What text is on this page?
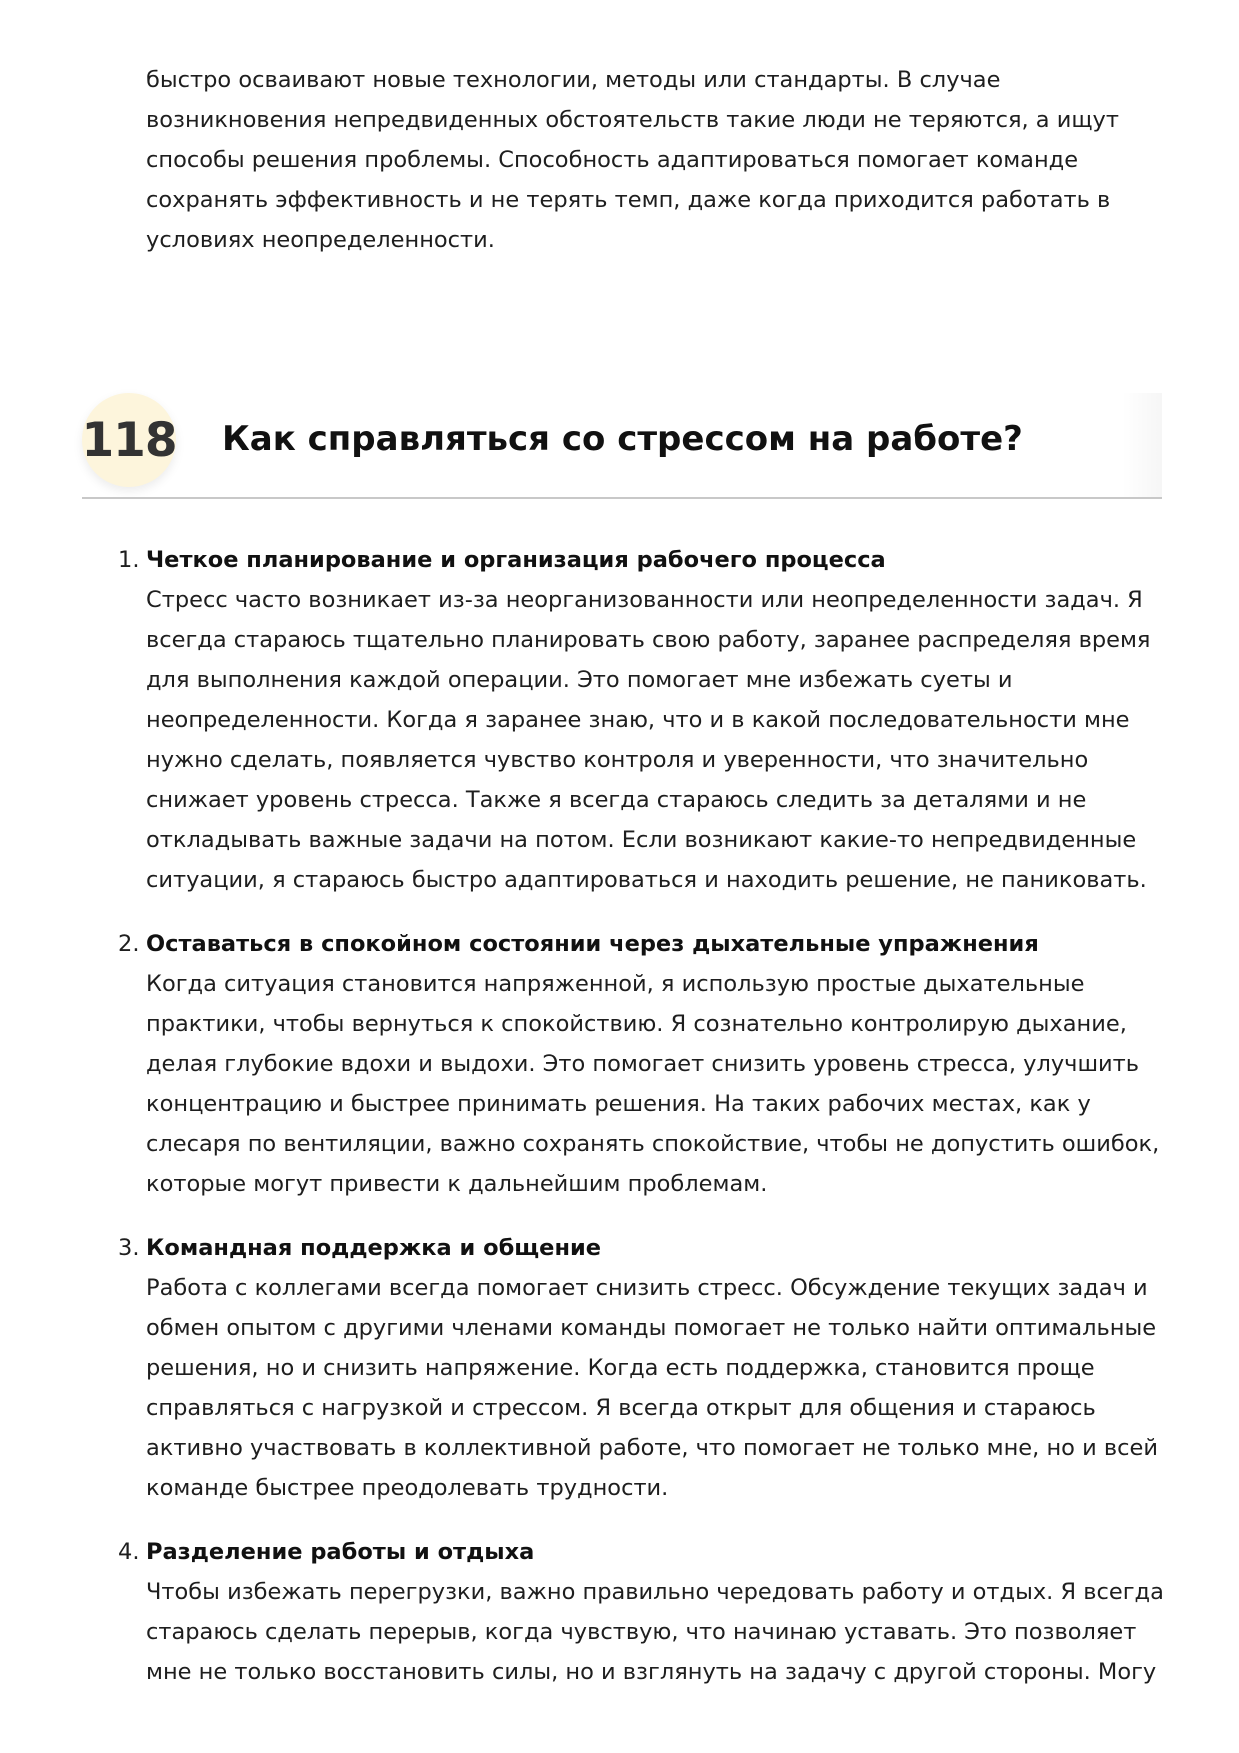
быстро осваивают новые технологии, методы или стандарты. В случае возникновения непредвиденных обстоятельств такие люди не теряются, а ищут способы решения проблемы. Способность адаптироваться помогает команде сохранять эффективность и не терять темп, даже когда приходится работать в условиях неопределенности.

118 Как справляться со стрессом на работе?
1. Четкое планирование и организация рабочего процесса
Стресс часто возникает из-за неорганизованности или неопределенности задач. Я всегда стараюсь тщательно планировать свою работу, заранее распределяя время для выполнения каждой операции. Это помогает мне избежать суеты и неопределенности. Когда я заранее знаю, что и в какой последовательности мне нужно сделать, появляется чувство контроля и уверенности, что значительно снижает уровень стресса. Также я всегда стараюсь следить за деталями и не откладывать важные задачи на потом. Если возникают какие-то непредвиденные ситуации, я стараюсь быстро адаптироваться и находить решение, не паниковать.
2. Оставаться в спокойном состоянии через дыхательные упражнения
Когда ситуация становится напряженной, я использую простые дыхательные практики, чтобы вернуться к спокойствию. Я сознательно контролирую дыхание, делая глубокие вдохи и выдохи. Это помогает снизить уровень стресса, улучшить концентрацию и быстрее принимать решения. На таких рабочих местах, как у слесаря по вентиляции, важно сохранять спокойствие, чтобы не допустить ошибок, которые могут привести к дальнейшим проблемам.
3. Командная поддержка и общение
Работа с коллегами всегда помогает снизить стресс. Обсуждение текущих задач и обмен опытом с другими членами команды помогает не только найти оптимальные решения, но и снизить напряжение. Когда есть поддержка, становится проще справляться с нагрузкой и стрессом. Я всегда открыт для общения и стараюсь активно участвовать в коллективной работе, что помогает не только мне, но и всей команде быстрее преодолевать трудности.
4. Разделение работы и отдыха
Чтобы избежать перегрузки, важно правильно чередовать работу и отдых. Я всегда стараюсь сделать перерыв, когда чувствую, что начинаю уставать. Это позволяет мне не только восстановить силы, но и взглянуть на задачу с другой стороны. Могу
